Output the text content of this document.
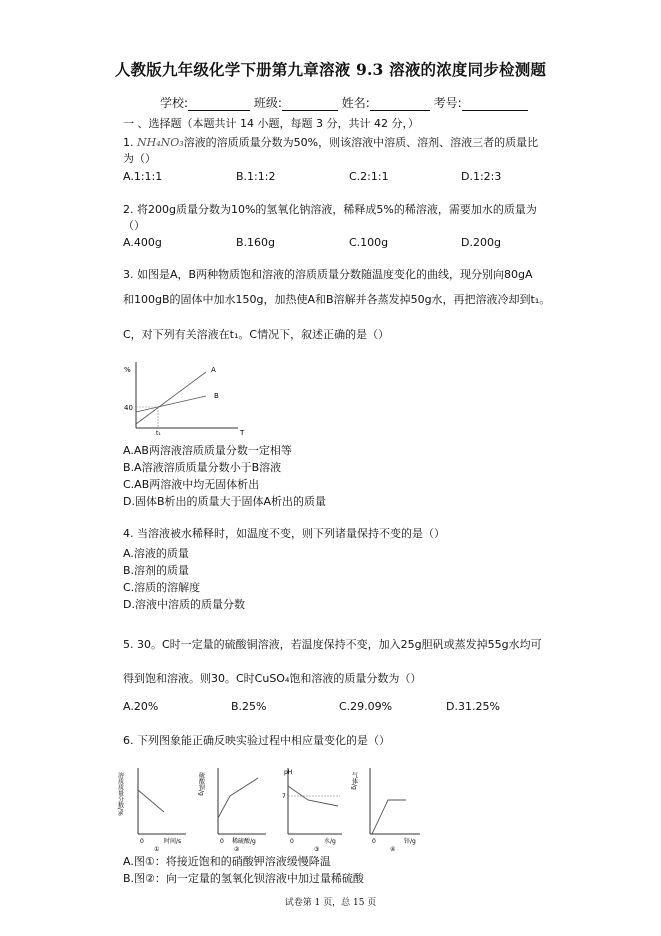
人教版九年级化学下册第九章溶液 9.3 溶液的浓度同步检测题
学校:	班级:	姓名:	考号:
一 、选择题（本题共计 14 小题，每题 3 分，共计 42 分，）
1. NH₄NO₃溶液的溶质质量分数为50%，则该溶液中溶质、溶剂、溶液三者的质量比
为（）
A.1:1:1	B.1:1:2	C.2:1:1	D.1:2:3
2. 将200g质量分数为10%的氢氧化钠溶液，稀释成5%的稀溶液，需要加水的质量为
（）
A.400g	B.160g	C.100g	D.200g
3. 如图是A，B两种物质饱和溶液的溶质质量分数随温度变化的曲线，现分别向80gA
和100gB的固体中加水150g，加热使A和B溶解并各蒸发掉50g水，再把溶液冷却到t₁。
C，对下列有关溶液在t₁。C情况下，叙述正确的是（）
%
T
40
t₁
A
B
A.AB两溶液溶质质量分数一定相等
B.A溶液溶质质量分数小于B溶液
C.AB两溶液中均无固体析出
D.固体B析出的质量大于固体A析出的质量
4. 当溶液被水稀释时，如温度不变，则下列诸量保持不变的是（）
A.溶液的质量
B.溶剂的质量
C.溶质的溶解度
D.溶液中溶质的质量分数
5. 30。C时一定量的硫酸铜溶液，若温度保持不变，加入25g胆矾或蒸发掉55g水均可
得到饱和溶液。则30。C时CuSO₄饱和溶液的质量分数为（）
A.20%	B.25%	C.29.09%	D.31.25%
6. 下列图象能正确反映实验过程中相应量变化的是（）
溶质质量分数/%
0	时间/s
①
硫酸钡/g
0 稀硫酸/g
②
pH
7
0	水/g
③
气体/g
0	锌/g
④
A.图①：将接近饱和的硝酸钾溶液缓慢降温
B.图②：向一定量的氢氧化钡溶液中加过量稀硫酸
试卷第 1 页，总 15 页
